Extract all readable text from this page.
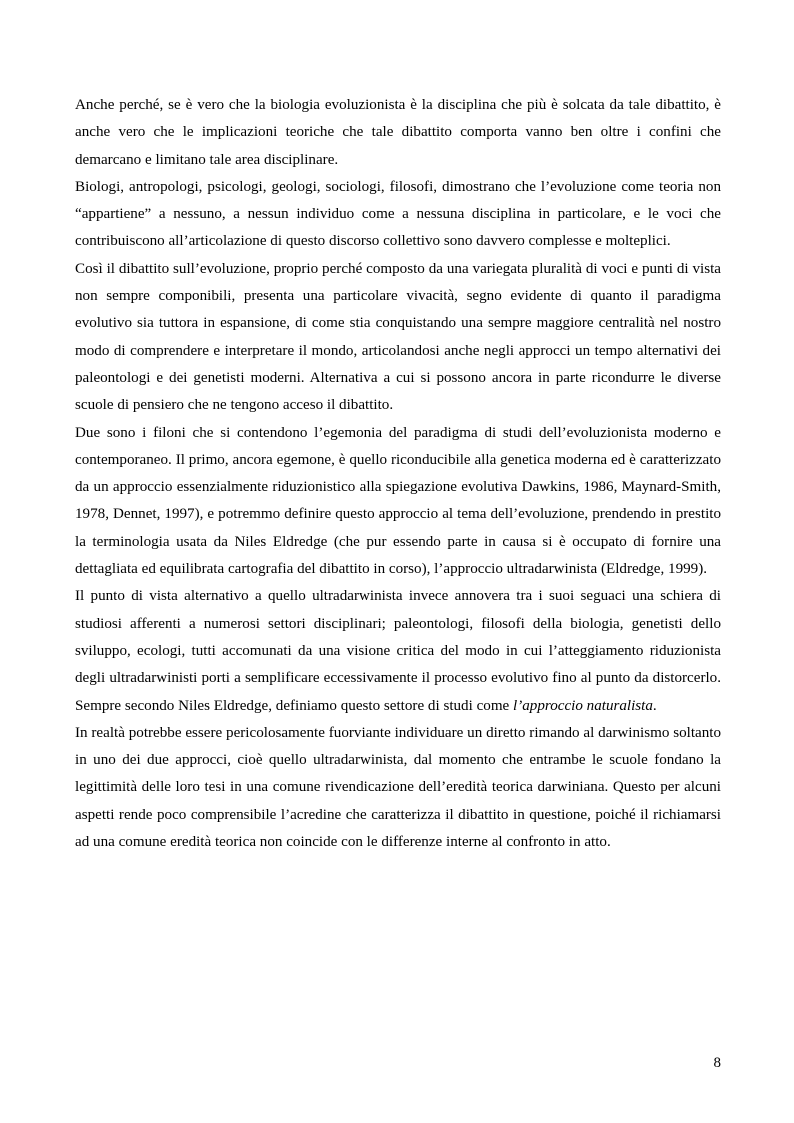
Anche perché, se è vero che la biologia evoluzionista è la disciplina che più è solcata da tale dibattito, è anche vero che le implicazioni teoriche che tale dibattito comporta vanno ben oltre i confini che demarcano e limitano tale area disciplinare.

Biologi, antropologi, psicologi, geologi, sociologi, filosofi, dimostrano che l’evoluzione come teoria non “appartiene” a nessuno, a nessun individuo come a nessuna disciplina in particolare, e le voci che contribuiscono all’articolazione di questo discorso collettivo sono davvero complesse e molteplici.

Così il dibattito sull’evoluzione, proprio perché composto da una variegata pluralità di voci e punti di vista non sempre componibili, presenta una particolare vivacità, segno evidente di quanto il paradigma evolutivo sia tuttora in espansione, di come stia conquistando una sempre maggiore centralità nel nostro modo di comprendere e interpretare il mondo, articolandosi anche negli approcci un tempo alternativi dei paleontologi e dei genetisti moderni. Alternativa a cui si possono ancora in parte ricondurre le diverse scuole di pensiero che ne tengono acceso il dibattito.

Due sono i filoni che si contendono l’egemonia del paradigma di studi dell’evoluzionista moderno e contemporaneo. Il primo, ancora egemone, è quello riconducibile alla genetica moderna ed è caratterizzato da un approccio essenzialmente riduzionistico alla spiegazione evolutiva Dawkins, 1986, Maynard-Smith, 1978, Dennet, 1997), e potremmo definire questo approccio al tema dell’evoluzione, prendendo in prestito la terminologia usata da Niles Eldredge (che pur essendo parte in causa si è occupato di fornire una dettagliata ed equilibrata cartografia del dibattito in corso), l’approccio ultradarwinista (Eldredge, 1999).

Il punto di vista alternativo a quello ultradarwinista invece annovera tra i suoi seguaci una schiera di studiosi afferenti a numerosi settori disciplinari; paleontologi, filosofi della biologia, genetisti dello sviluppo, ecologi, tutti accomunati da una visione critica del modo in cui l’atteggiamento riduzionista degli ultradarwinisti porti a semplificare eccessivamente il processo evolutivo fino al punto da distorcerlo. Sempre secondo Niles Eldredge, definiamo questo settore di studi come l’approccio naturalista.

In realtà potrebbe essere pericolosamente fuorviante individuare un diretto rimando al darwinismo soltanto in uno dei due approcci, cioè quello ultradarwinista, dal momento che entrambe le scuole fondano la legittimità delle loro tesi in una comune rivendicazione dell’eredità teorica darwiniana. Questo per alcuni aspetti rende poco comprensibile l’acredine che caratterizza il dibattito in questione, poiché il richiamarsi ad una comune eredità teorica non coincide con le differenze interne al confronto in atto.

8
